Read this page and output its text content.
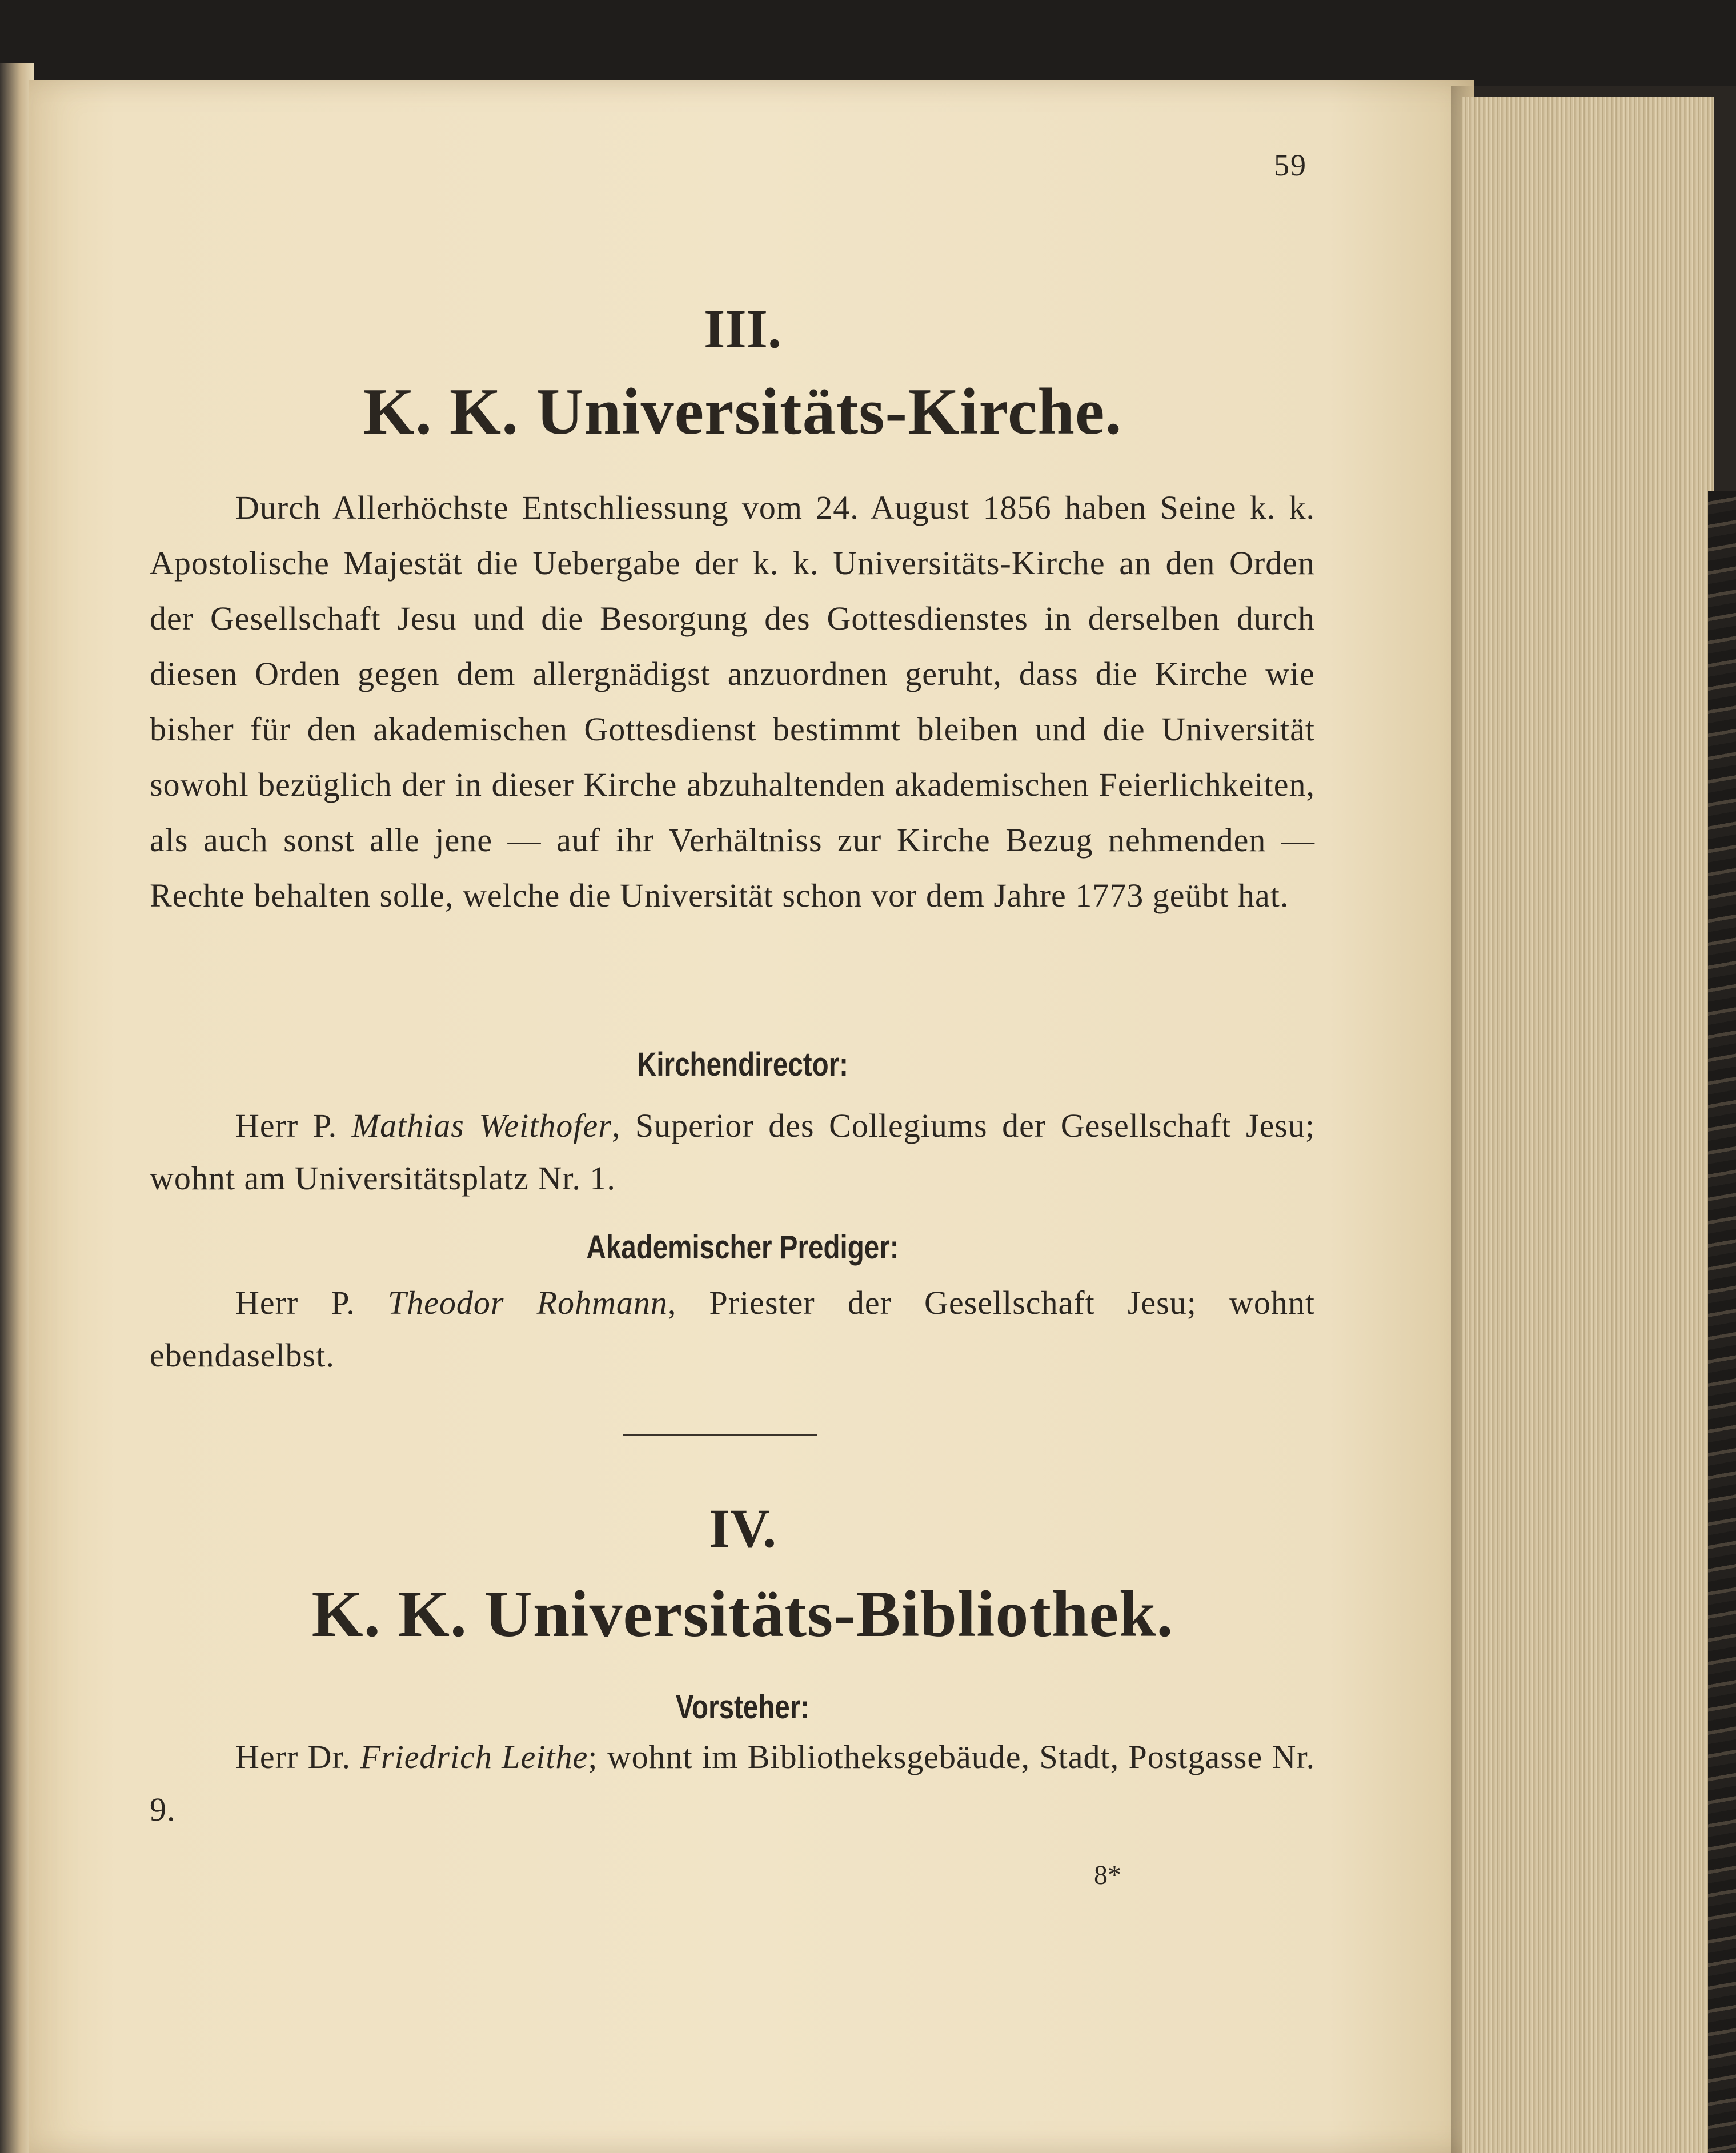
59
III.
K. K. Universitäts-Kirche.
Durch Allerhöchste Entschliessung vom 24. August 1856 haben Seine k. k. Apostolische Majestät die Uebergabe der k. k. Universitäts-Kirche an den Orden der Gesellschaft Jesu und die Besorgung des Gottesdienstes in derselben durch diesen Orden gegen dem allergnädigst anzuordnen geruht, dass die Kirche wie bisher für den akademischen Gottesdienst bestimmt bleiben und die Universität sowohl bezüglich der in dieser Kirche abzuhaltenden akademischen Feierlichkeiten, als auch sonst alle jene — auf ihr Verhältniss zur Kirche Bezug nehmenden — Rechte behalten solle, welche die Universität schon vor dem Jahre 1773 geübt hat.
Kirchendirector:
Herr P. Mathias Weithofer, Superior des Collegiums der Gesellschaft Jesu; wohnt am Universitätsplatz Nr. 1.
Akademischer Prediger:
Herr P. Theodor Rohmann, Priester der Gesellschaft Jesu; wohnt ebendaselbst.
IV.
K. K. Universitäts-Bibliothek.
Vorsteher:
Herr Dr. Friedrich Leithe; wohnt im Bibliotheksgebäude, Stadt, Postgasse Nr. 9.
8*
